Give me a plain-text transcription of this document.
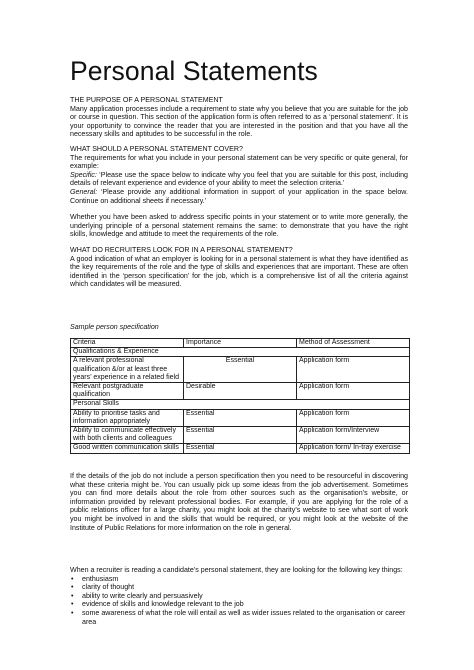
Personal Statements
THE PURPOSE OF A PERSONAL STATEMENT

Many application processes include a requirement to state why you believe that you are suitable for the job or course in question. This section of the application form is often referred to as a ‘personal statement’. It is your opportunity to convince the reader that you are interested in the position and that you have all the necessary skills and aptitudes to be successful in the role.

WHAT SHOULD A PERSONAL STATEMENT COVER?

The requirements for what you include in your personal statement can be very specific or quite general, for example:

Specific: ‘Please use the space below to indicate why you feel that you are suitable for this post, including details of relevant experience and evidence of your ability to meet the selection criteria.’

General: ‘Please provide any additional information in support of your application in the space below. Continue on additional sheets if necessary.’

Whether you have been asked to address specific points in your statement or to write more generally, the underlying principle of a personal statement remains the same: to demonstrate that you have the right skills, knowledge and attitude to meet the requirements of the role.

WHAT DO RECRUITERS LOOK FOR IN A PERSONAL STATEMENT?

A good indication of what an employer is looking for in a personal statement is what they have identified as the key requirements of the role and the type of skills and experiences that are important. These are often identified in the ‘person specification’ for the job, which is a comprehensive list of all the criteria against which candidates will be measured.

Sample person specification
Criteria	Importance	Method of Assessment
Qualifications & Experience		
A relevant professional qualification &/or at least three years’ experience in a related field	Essential	Application form
Relevant postgraduate qualification	Desirable	Application form
Personal Skills		
Ability to prioritise tasks and information appropriately	Essential	Application form
Ability to communicate effectively with both clients and colleagues	Essential	Application form/Interview
Good written communication skills	Essential	Application form/ In-tray exercise

If the details of the job do not include a person specification then you need to be resourceful in discovering what these criteria might be. You can usually pick up some ideas from the job advertisement. Sometimes you can find more details about the role from other sources such as the organisation’s website, or information provided by relevant professional bodies. For example, if you are applying for the role of a public relations officer for a large charity, you might look at the charity’s website to see what sort of work you might be involved in and the skills that would be required, or you might look at the website of the Institute of Public Relations for more information on the role in general.

When a recruiter is reading a candidate’s personal statement, they are looking for the following key things:

• enthusiasm
• clarity of thought
• ability to write clearly and persuasively
• evidence of skills and knowledge relevant to the job
• some awareness of what the role will entail as well as wider issues related to the organisation or career area
